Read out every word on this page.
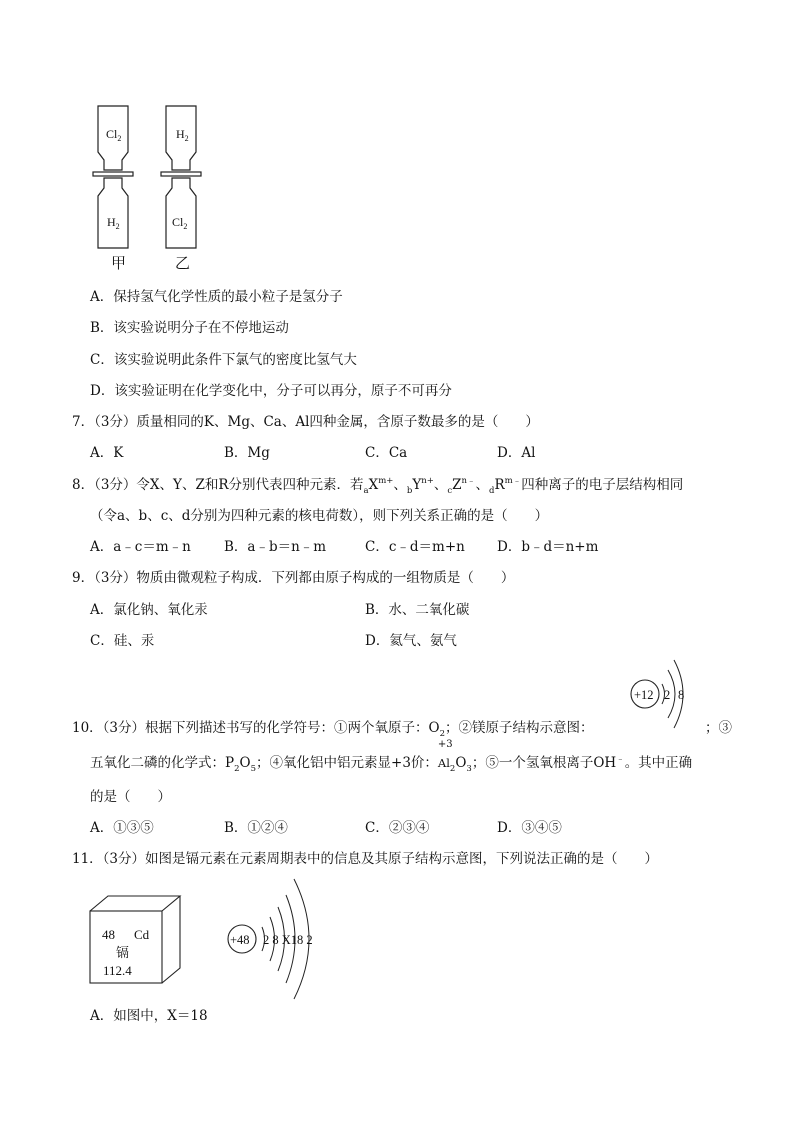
$Cl_2$
$H_2$
$H_2$
$Cl_2$
甲	乙
A．保持氢气化学性质的最小粒子是氢分子
B．该实验说明分子在不停地运动
C．该实验说明此条件下氯气的密度比氢气大
D．该实验证明在化学变化中，分子可以再分，原子不可再分
7．（3分）质量相同的K、Mg、Ca、Al四种金属，含原子数最多的是（　　）
A．K	B．Mg	C．Ca	D．Al
8．（3分）令X、Y、Z和R分别代表四种元素．若$_aX^{m+}$、$_bY^{n+}$、$_cZ^{n﹣}$、$_dR^{m﹣}$四种离子的电子层结构相同
（令a、b、c、d分别为四种元素的核电荷数），则下列关系正确的是（　　）
A．a﹣c＝m﹣n B．a﹣b＝n﹣m	C．c﹣d＝m+n D．b﹣d＝n+m
9．（3分）物质由微观粒子构成．下列都由原子构成的一组物质是（　　）
A．氯化钠、氧化汞	B．水、二氧化碳
C．硅、汞	D．氦气、氨气
+12 2 8
10．（3分）根据下列描述书写的化学符号：①两个氧原子：$O_2$；②镁原子结构示意图：	；③
五氧化二磷的化学式：$P_2O_5$；④氧化铝中铝元素显+3价：
+3
$Al_2O_3$；⑤一个氢氧根离子OH﹣。其中正确
的是（　　）
A．①③⑤	B．①②④	C．②③④	D．③④⑤
11．（3分）如图是镉元素在元素周期表中的信息及其原子结构示意图，下列说法正确的是（　　）
48 Cd
镉
112.4
+48 2 8 X18 2
A．如图中，X＝18
